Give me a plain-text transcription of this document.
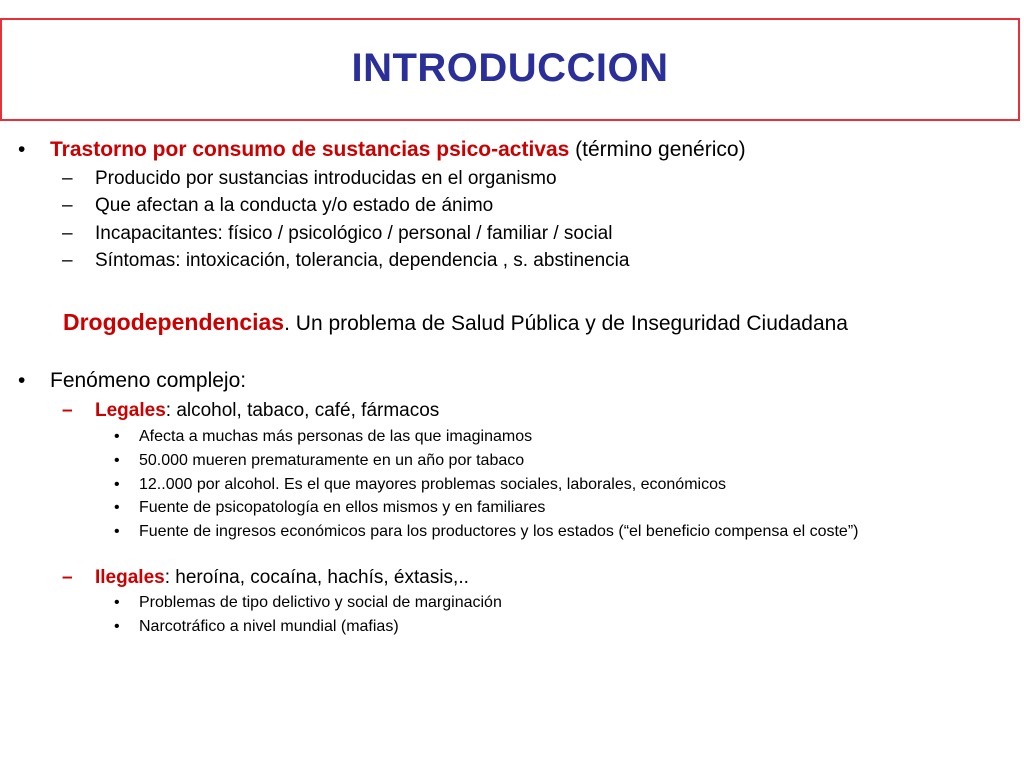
INTRODUCCION
• Trastorno por consumo de sustancias psico-activas (término genérico)
– Producido por sustancias introducidas en el organismo
– Que afectan a la conducta y/o estado de ánimo
– Incapacitantes: físico / psicológico / personal / familiar / social
– Síntomas: intoxicación, tolerancia, dependencia , s. abstinencia
Drogodependencias. Un problema de Salud Pública y de Inseguridad Ciudadana
• Fenómeno complejo:
– Legales: alcohol, tabaco, café, fármacos
• Afecta a muchas más personas de las que imaginamos
• 50.000 mueren prematuramente en un año por tabaco
• 12..000 por alcohol. Es el que mayores problemas sociales, laborales, económicos
• Fuente de psicopatología en ellos mismos y en familiares
• Fuente de ingresos económicos para los productores y los estados (“el beneficio compensa el coste”)
– Ilegales: heroína, cocaína, hachís, éxtasis,..
• Problemas de tipo delictivo y social de marginación
• Narcotráfico a nivel mundial (mafias)
